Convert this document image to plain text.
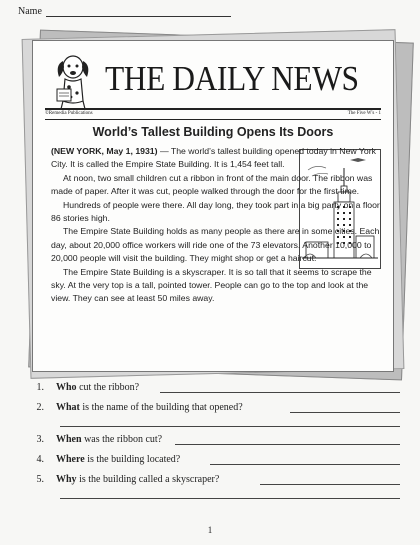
Name
THE DAILY NEWS
©Remedia Publications	The Five W's - 1
World’s Tallest Building Opens Its Doors

(NEW YORK, May 1, 1931) — The world’s tallest building opened today in New York City. It is called the Empire State Building. It is 1,454 feet tall.

At noon, two small children cut a ribbon in front of the main door. The ribbon was made of paper. After it was cut, people walked through the door for the first time.

Hundreds of people were there. All day long, they took part in a big party on a floor 86 stories high.

The Empire State Building holds as many people as there are in some cities. Each day, about 20,000 office workers will ride one of the 73 elevators. Another 10,000 to 20,000 people will visit the building. They might shop or get a haircut.

The Empire State Building is a skyscraper. It is so tall that it seems to scrape the sky. At the very top is a tall, pointed tower. People can go to the top and look at the view. They can see at least 50 miles away.

1. Who cut the ribbon?
2. What is the name of the building that opened?
3. When was the ribbon cut?
4. Where is the building located?
5. Why is the building called a skyscraper?
1
